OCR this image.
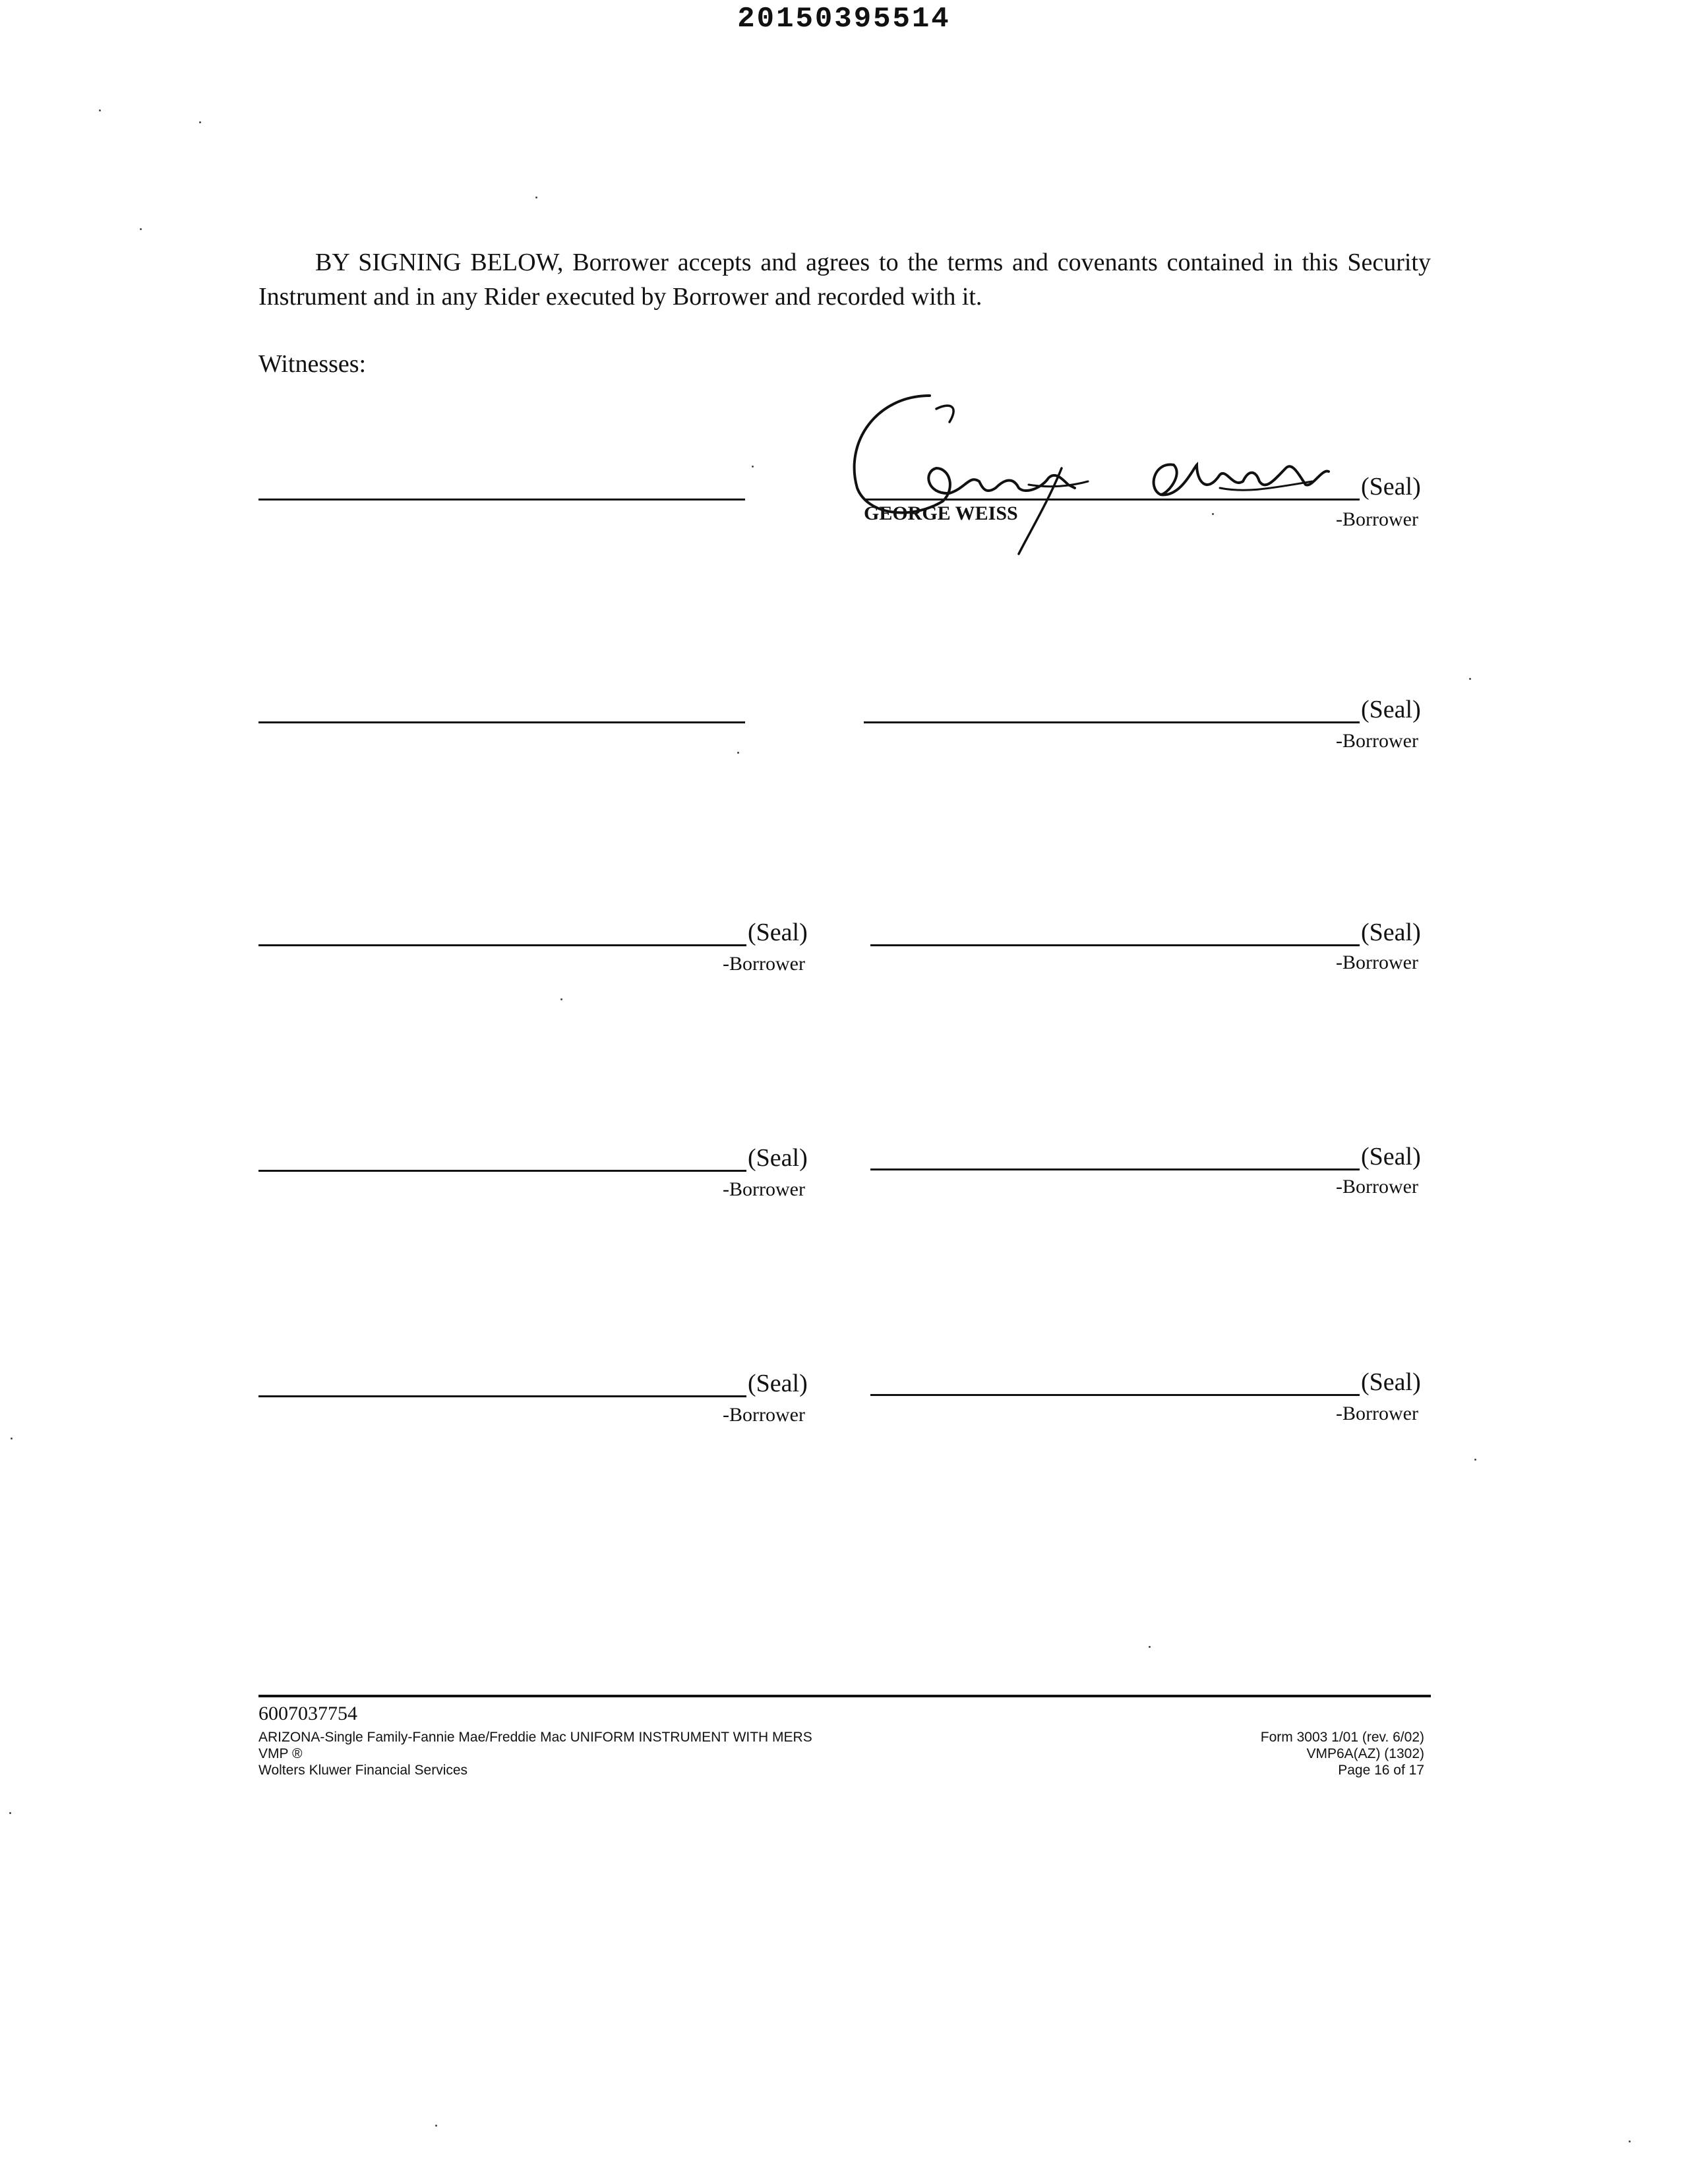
20150395514
BY SIGNING BELOW, Borrower accepts and agrees to the terms and covenants contained in this Security Instrument and in any Rider executed by Borrower and recorded with it.
Witnesses:
(Seal)
GEORGE WEISS	-Borrower
(Seal)
-Borrower
(Seal)
-Borrower
(Seal)
-Borrower
(Seal)
-Borrower
(Seal)
-Borrower
(Seal)
-Borrower
(Seal)
-Borrower
6007037754
ARIZONA-Single Family-Fannie Mae/Freddie Mac UNIFORM INSTRUMENT WITH MERS
VMP ®
Wolters Kluwer Financial Services
Form 3003 1/01 (rev. 6/02)
VMP6A(AZ) (1302)
Page 16 of 17
